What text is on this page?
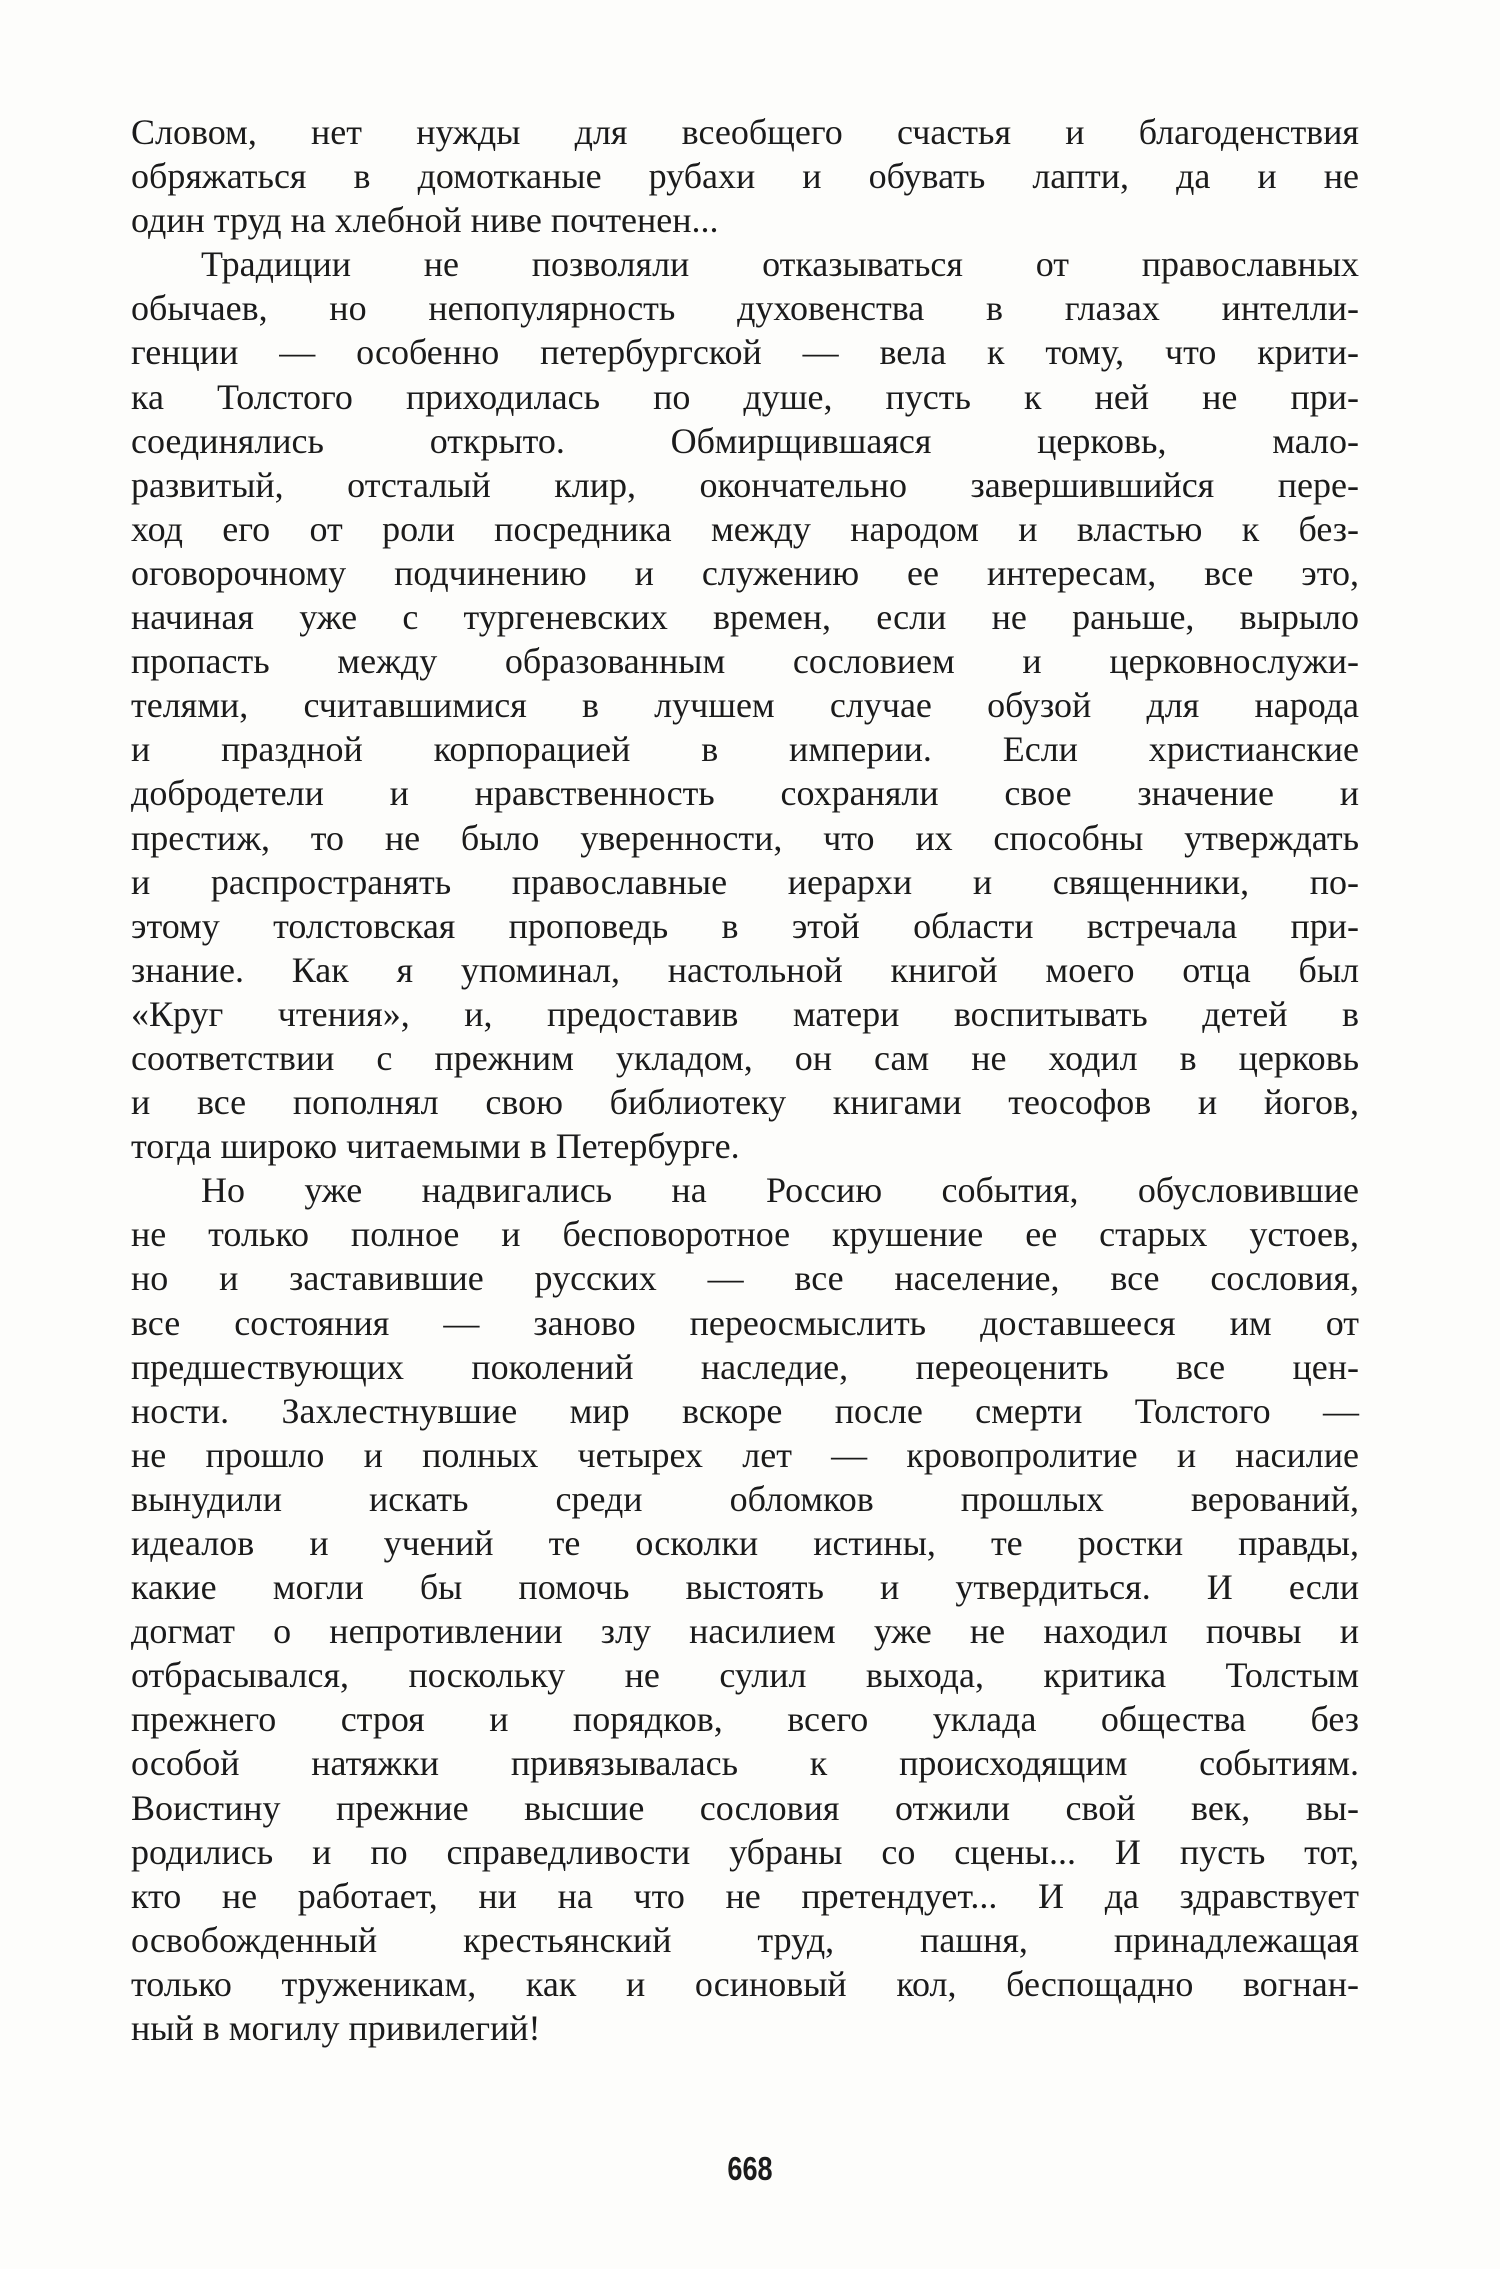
Словом, нет нужды для всеобщего счастья и благоденствия
обряжаться в домотканые рубахи и обувать лапти, да и не
один труд на хлебной ниве почтенен...
Традиции не позволяли отказываться от православных
обычаев, но непопулярность духовенства в глазах интелли-
генции — особенно петербургской — вела к тому, что крити-
ка Толстого приходилась по душе, пусть к ней не при-
соединялись открыто. Обмирщившаяся церковь, мало-
развитый, отсталый клир, окончательно завершившийся пере-
ход его от роли посредника между народом и властью к без-
оговорочному подчинению и служению ее интересам, все это,
начиная уже с тургеневских времен, если не раньше, вырыло
пропасть между образованным сословием и церковнослужи-
телями, считавшимися в лучшем случае обузой для народа
и праздной корпорацией в империи. Если христианские
добродетели и нравственность сохраняли свое значение и
престиж, то не было уверенности, что их способны утверждать
и распространять православные иерархи и священники, по-
этому толстовская проповедь в этой области встречала при-
знание. Как я упоминал, настольной книгой моего отца был
«Круг чтения», и, предоставив матери воспитывать детей в
соответствии с прежним укладом, он сам не ходил в церковь
и все пополнял свою библиотеку книгами теософов и йогов,
тогда широко читаемыми в Петербурге.
Но уже надвигались на Россию события, обусловившие
не только полное и бесповоротное крушение ее старых устоев,
но и заставившие русских — все население, все сословия,
все состояния — заново переосмыслить доставшееся им от
предшествующих поколений наследие, переоценить все цен-
ности. Захлестнувшие мир вскоре после смерти Толстого —
не прошло и полных четырех лет — кровопролитие и насилие
вынудили искать среди обломков прошлых верований,
идеалов и учений те осколки истины, те ростки правды,
какие могли бы помочь выстоять и утвердиться. И если
догмат о непротивлении злу насилием уже не находил почвы и
отбрасывался, поскольку не сулил выхода, критика Толстым
прежнего строя и порядков, всего уклада общества без
особой натяжки привязывалась к происходящим событиям.
Воистину прежние высшие сословия отжили свой век, вы-
родились и по справедливости убраны со сцены... И пусть тот,
кто не работает, ни на что не претендует... И да здравствует
освобожденный крестьянский труд, пашня, принадлежащая
только труженикам, как и осиновый кол, беспощадно вогнан-
ный в могилу привилегий!
668
